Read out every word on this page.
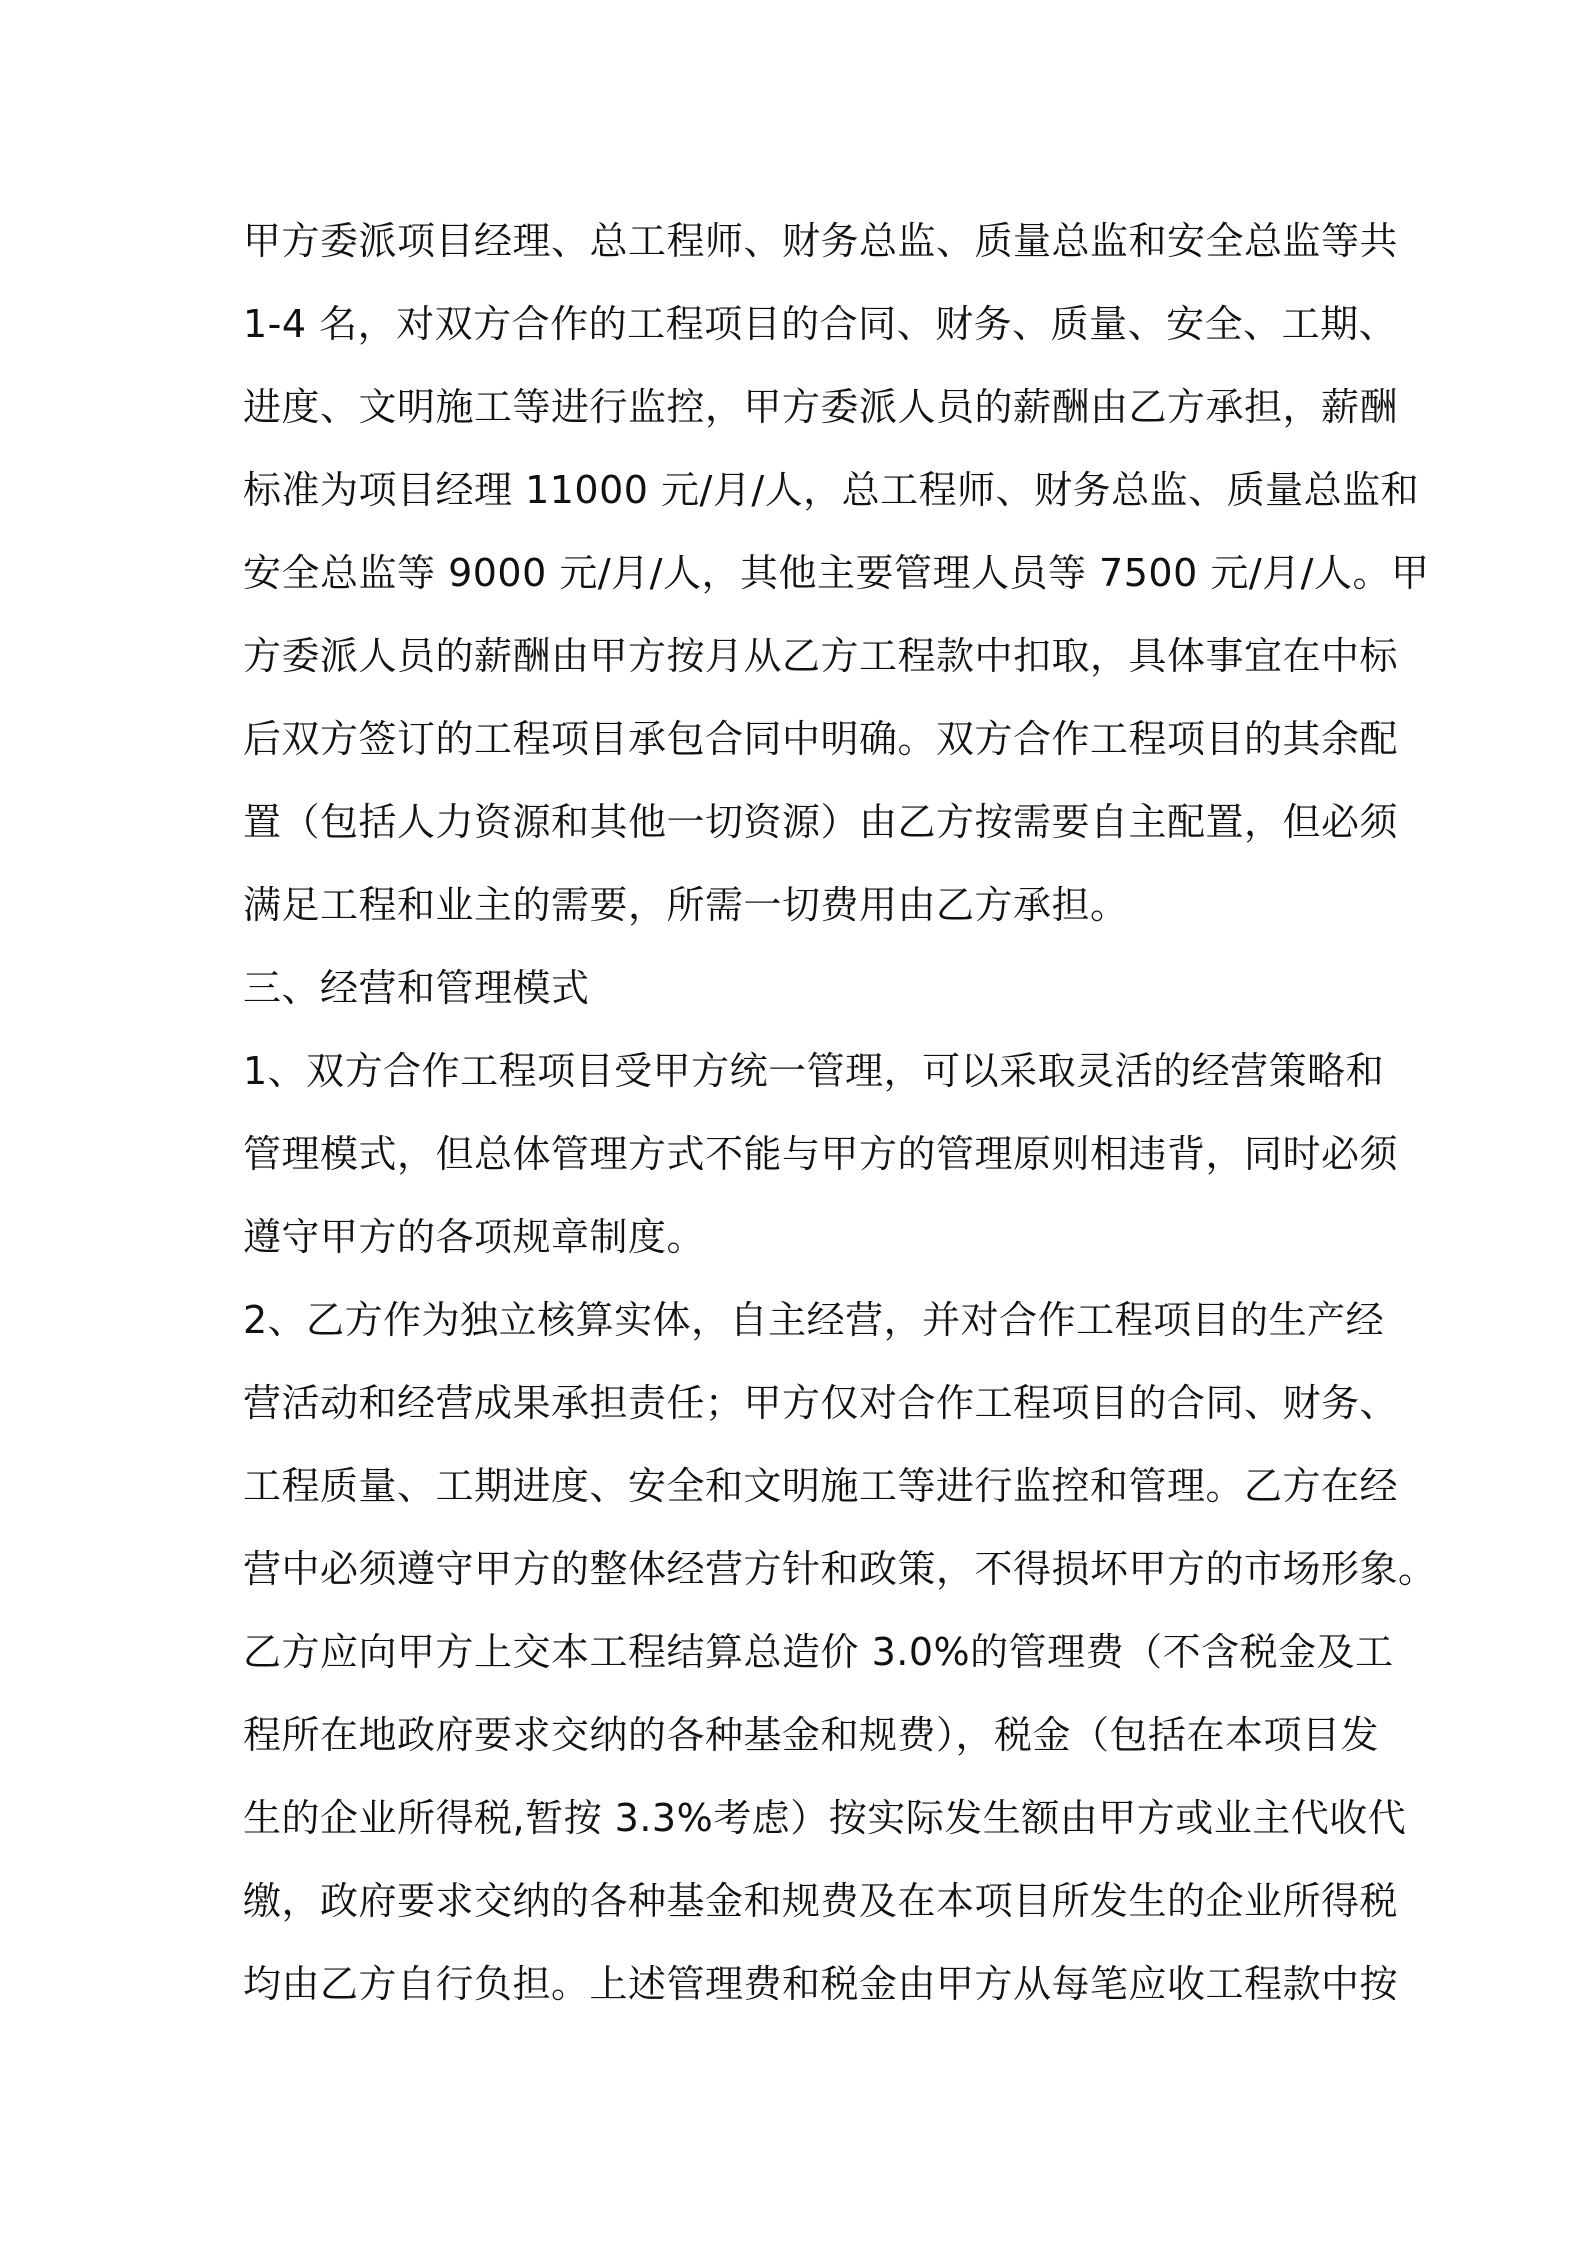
甲方委派项目经理、总工程师、财务总监、质量总监和安全总监等共
1-4 名，对双方合作的工程项目的合同、财务、质量、安全、工期、
进度、文明施工等进行监控，甲方委派人员的薪酬由乙方承担，薪酬
标准为项目经理 11000 元/月/人，总工程师、财务总监、质量总监和
安全总监等 9000 元/月/人，其他主要管理人员等 7500 元/月/人。甲
方委派人员的薪酬由甲方按月从乙方工程款中扣取，具体事宜在中标
后双方签订的工程项目承包合同中明确。双方合作工程项目的其余配
置（包括人力资源和其他一切资源）由乙方按需要自主配置，但必须
满足工程和业主的需要，所需一切费用由乙方承担。
三、经营和管理模式
1、双方合作工程项目受甲方统一管理，可以采取灵活的经营策略和
管理模式，但总体管理方式不能与甲方的管理原则相违背，同时必须
遵守甲方的各项规章制度。
2、乙方作为独立核算实体，自主经营，并对合作工程项目的生产经
营活动和经营成果承担责任；甲方仅对合作工程项目的合同、财务、
工程质量、工期进度、安全和文明施工等进行监控和管理。乙方在经
营中必须遵守甲方的整体经营方针和政策，不得损坏甲方的市场形象。
乙方应向甲方上交本工程结算总造价 3.0%的管理费（不含税金及工
程所在地政府要求交纳的各种基金和规费），税金（包括在本项目发
生的企业所得税,暂按 3.3%考虑）按实际发生额由甲方或业主代收代
缴，政府要求交纳的各种基金和规费及在本项目所发生的企业所得税
均由乙方自行负担。上述管理费和税金由甲方从每笔应收工程款中按
